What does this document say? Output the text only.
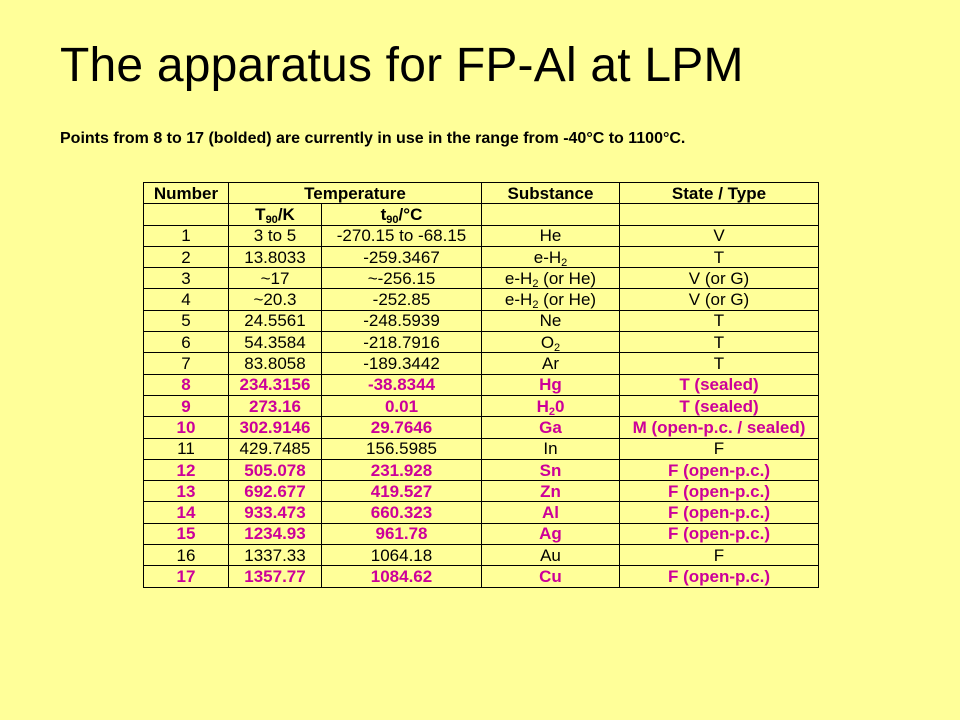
The apparatus for FP-Al at LPM
Points from 8 to 17 (bolded) are currently in use in the range from -40°C to 1100°C.
Number	Temperature		Substance	State / Type
	$T_{90}/K$	$t_{90}/^\circ C$		
1	3 to 5	-270.15 to -68.15	He	V
2	13.8033	-259.3467	$e-H_2$	T
3	~17	~-256.15	$e-H_2$ (or He)	V (or G)
4	~20.3	-252.85	$e-H_2$ (or He)	V (or G)
5	24.5561	-248.5939	Ne	T
6	54.3584	-218.7916	$O_2$	T
7	83.8058	-189.3442	Ar	T
8	234.3156	-38.8344	Hg	T (sealed)
9	273.16	0.01	$H_20$	T (sealed)
10	302.9146	29.7646	Ga	M (open-p.c. / sealed)
11	429.7485	156.5985	In	F
12	505.078	231.928	Sn	F (open-p.c.)
13	692.677	419.527	Zn	F (open-p.c.)
14	933.473	660.323	Al	F (open-p.c.)
15	1234.93	961.78	Ag	F (open-p.c.)
16	1337.33	1064.18	Au	F
17	1357.77	1084.62	Cu	F (open-p.c.)
